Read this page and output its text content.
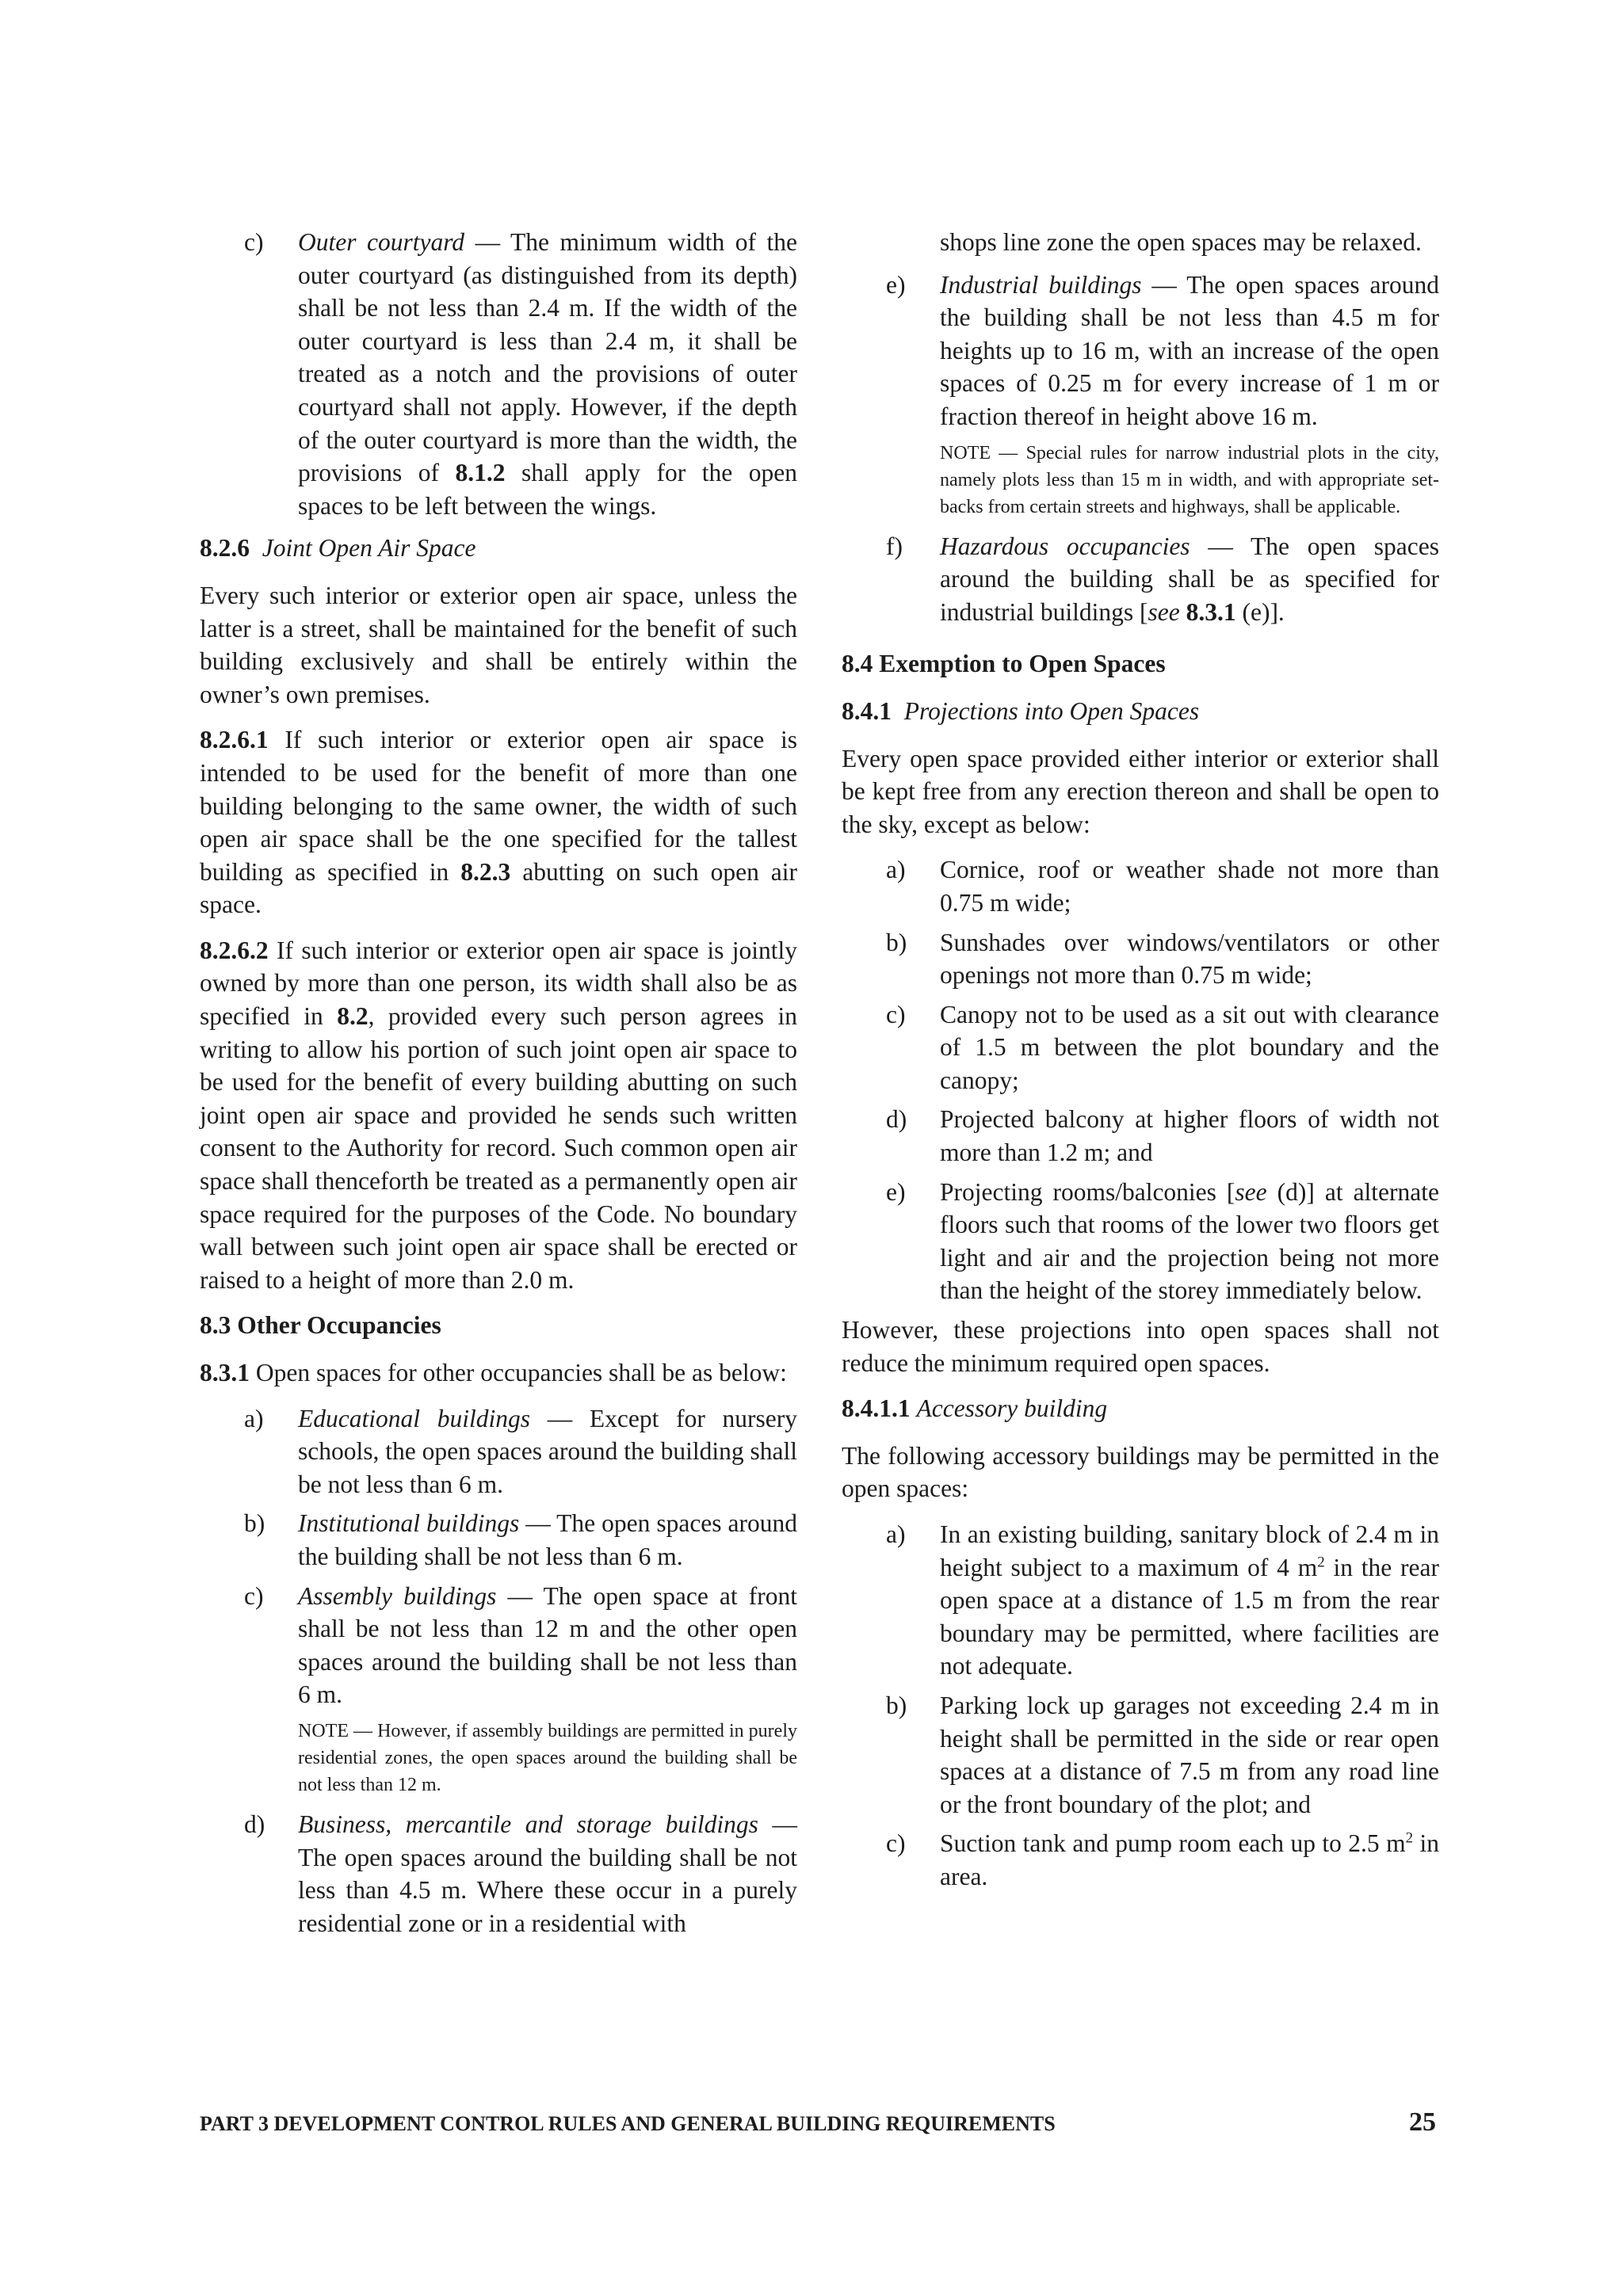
c)	Outer courtyard — The minimum width of the outer courtyard (as distinguished from its depth) shall be not less than 2.4 m. If the width of the outer courtyard is less than 2.4 m, it shall be treated as a notch and the provisions of outer courtyard shall not apply. However, if the depth of the outer courtyard is more than the width, the provisions of 8.1.2 shall apply for the open spaces to be left between the wings.

8.2.6 Joint Open Air Space

Every such interior or exterior open air space, unless the latter is a street, shall be maintained for the benefit of such building exclusively and shall be entirely within the owner’s own premises.

8.2.6.1 If such interior or exterior open air space is intended to be used for the benefit of more than one building belonging to the same owner, the width of such open air space shall be the one specified for the tallest building as specified in 8.2.3 abutting on such open air space.

8.2.6.2 If such interior or exterior open air space is jointly owned by more than one person, its width shall also be as specified in 8.2, provided every such person agrees in writing to allow his portion of such joint open air space to be used for the benefit of every building abutting on such joint open air space and provided he sends such written consent to the Authority for record. Such common open air space shall thenceforth be treated as a permanently open air space required for the purposes of the Code. No boundary wall between such joint open air space shall be erected or raised to a height of more than 2.0 m.

8.3 Other Occupancies

8.3.1 Open spaces for other occupancies shall be as below:

a)	Educational buildings — Except for nursery schools, the open spaces around the building shall be not less than 6 m.
b)	Institutional buildings — The open spaces around the building shall be not less than 6 m.
c)	Assembly buildings — The open space at front shall be not less than 12 m and the other open spaces around the building shall be not less than 6 m.
NOTE — However, if assembly buildings are permitted in purely residential zones, the open spaces around the building shall be not less than 12 m.
d)	Business, mercantile and storage buildings — The open spaces around the building shall be not less than 4.5 m. Where these occur in a purely residential zone or in a residential with
shops line zone the open spaces may be relaxed.
e)	Industrial buildings — The open spaces around the building shall be not less than 4.5 m for heights up to 16 m, with an increase of the open spaces of 0.25 m for every increase of 1 m or fraction thereof in height above 16 m.
NOTE — Special rules for narrow industrial plots in the city, namely plots less than 15 m in width, and with appropriate set-backs from certain streets and highways, shall be applicable.
f)	Hazardous occupancies — The open spaces around the building shall be as specified for industrial buildings [see 8.3.1 (e)].

8.4 Exemption to Open Spaces

8.4.1 Projections into Open Spaces

Every open space provided either interior or exterior shall be kept free from any erection thereon and shall be open to the sky, except as below:

a)	Cornice, roof or weather shade not more than 0.75 m wide;
b)	Sunshades over windows/ventilators or other openings not more than 0.75 m wide;
c)	Canopy not to be used as a sit out with clearance of 1.5 m between the plot boundary and the canopy;
d)	Projected balcony at higher floors of width not more than 1.2 m; and
e)	Projecting rooms/balconies [see (d)] at alternate floors such that rooms of the lower two floors get light and air and the projection being not more than the height of the storey immediately below.

However, these projections into open spaces shall not reduce the minimum required open spaces.

8.4.1.1 Accessory building

The following accessory buildings may be permitted in the open spaces:

a)	In an existing building, sanitary block of 2.4 m in height subject to a maximum of 4 $m^2$ in the rear open space at a distance of 1.5 m from the rear boundary may be permitted, where facilities are not adequate.
b)	Parking lock up garages not exceeding 2.4 m in height shall be permitted in the side or rear open spaces at a distance of 7.5 m from any road line or the front boundary of the plot; and
c)	Suction tank and pump room each up to 2.5 $m^2$ in area.
PART 3 DEVELOPMENT CONTROL RULES AND GENERAL BUILDING REQUIREMENTS	25
